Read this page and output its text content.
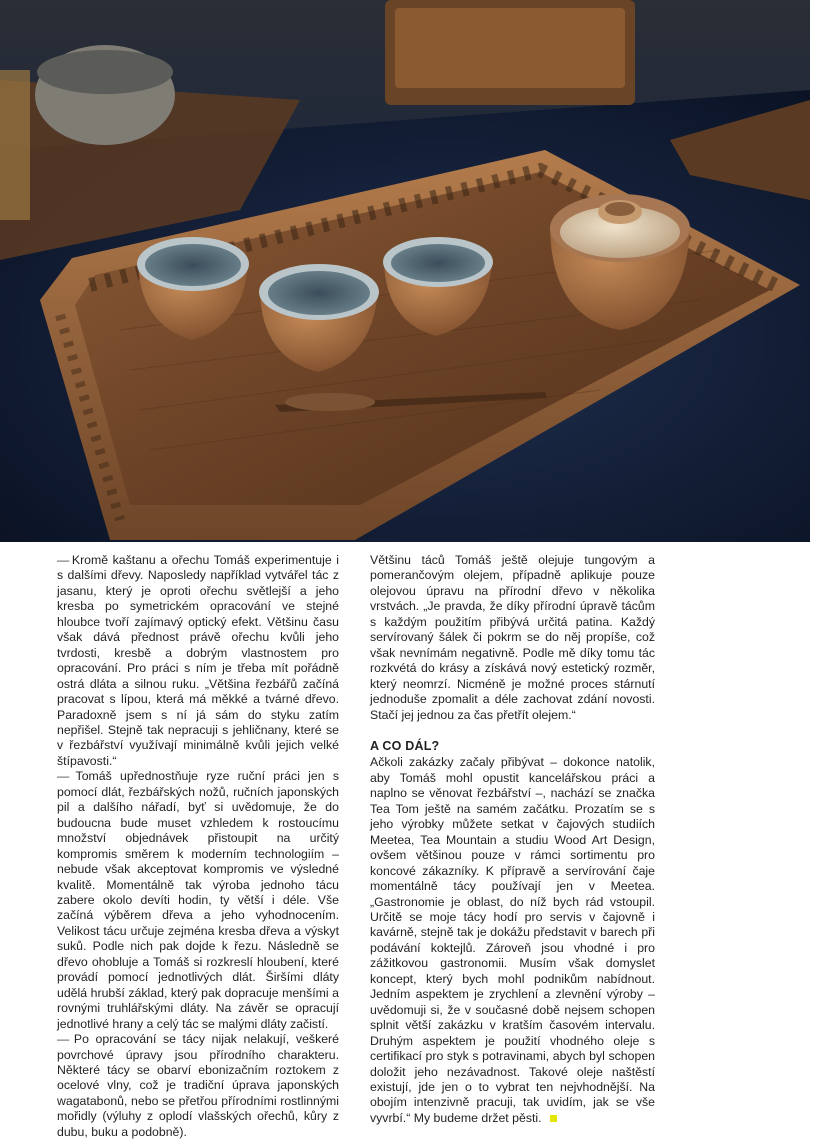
— Kromě kaštanu a ořechu Tomáš experimentuje i s dalšími dřevy. Naposledy například vytvářel tác z jasanu, který je oproti ořechu světlejší a jeho kresba po symetrickém opracování ve stejné hloubce tvoří zajímavý optický efekt. Většinu času však dává přednost právě ořechu kvůli jeho tvrdosti, kresbě a dobrým vlastnostem pro opracování. Pro práci s ním je třeba mít pořádně ostrá dláta a silnou ruku. „Většina řezbářů začíná pracovat s lípou, která má měkké a tvárné dřevo. Paradoxně jsem s ní já sám do styku zatím nepřišel. Stejně tak nepracuji s jehličnany, které se v řezbářství využívají minimálně kvůli jejich velké štípavosti.“

— Tomáš upřednostňuje ryze ruční práci jen s pomocí dlát, řezbářských nožů, ručních japonských pil a dalšího nářadí, byť si uvědomuje, že do budoucna bude muset vzhledem k rostoucímu množství objednávek přistoupit na určitý kompromis směrem k moderním technologiím – nebude však akceptovat kompromis ve výsledné kvalitě. Momentálně tak výroba jednoho tácu zabere okolo devíti hodin, ty větší i déle. Vše začíná výběrem dřeva a jeho vyhodnocením. Velikost tácu určuje zejména kresba dřeva a výskyt suků. Podle nich pak dojde k řezu. Následně se dřevo ohobluje a Tomáš si rozkreslí hloubení, které provádí pomocí jednotlivých dlát. Širšími dláty udělá hrubší základ, který pak dopracuje menšími a rovnými truhlářskými dláty. Na závěr se opracují jednotlivé hrany a celý tác se malými dláty začistí.

— Po opracování se tácy nijak nelakují, veškeré povrchové úpravy jsou přírodního charakteru. Některé tácy se obarví ebonizačním roztokem z ocelové vlny, což je tradiční úprava japonských wagatabonů, nebo se přetřou přírodními rostlinnými mořidly (výluhy z oplodí vlašských ořechů, kůry z dubu, buku a podobně).

Většinu táců Tomáš ještě olejuje tungovým a pomerančovým olejem, případně aplikuje pouze olejovou úpravu na přírodní dřevo v několika vrstvách. „Je pravda, že díky přírodní úpravě tácům s každým použitím přibývá určitá patina. Každý servírovaný šálek či pokrm se do něj propíše, což však nevnímám negativně. Podle mě díky tomu tác rozkvétá do krásy a získává nový estetický rozměr, který neomrzí. Nicméně je možné proces stárnutí jednoduše zpomalit a déle zachovat zdání novosti. Stačí jej jednou za čas přetřít olejem.“

A CO DÁL?

Ačkoli zakázky začaly přibývat – dokonce natolik, aby Tomáš mohl opustit kancelářskou práci a naplno se věnovat řezbářství –, nachází se značka Tea Tom ještě na samém začátku. Prozatím se s jeho výrobky můžete setkat v čajových studiích Meetea, Tea Mountain a studiu Wood Art Design, ovšem většinou pouze v rámci sortimentu pro koncové zákazníky. K přípravě a servírování čaje momentálně tácy používají jen v Meetea. „Gastronomie je oblast, do níž bych rád vstoupil. Určitě se moje tácy hodí pro servis v čajovně i kavárně, stejně tak je dokážu představit v barech při podávání koktejlů. Zároveň jsou vhodné i pro zážitkovou gastronomii. Musím však domyslet koncept, který bych mohl podnikům nabídnout. Jedním aspektem je zrychlení a zlevnění výroby – uvědomuji si, že v současné době nejsem schopen splnit větší zakázku v kratším časovém intervalu. Druhým aspektem je použití vhodného oleje s certifikací pro styk s potravinami, abych byl schopen doložit jeho nezávadnost. Takové oleje naštěstí existují, jde jen o to vybrat ten nejvhodnější. Na obojím intenzivně pracuji, tak uvidím, jak se vše vyvrbí.“ My budeme držet pěsti.
